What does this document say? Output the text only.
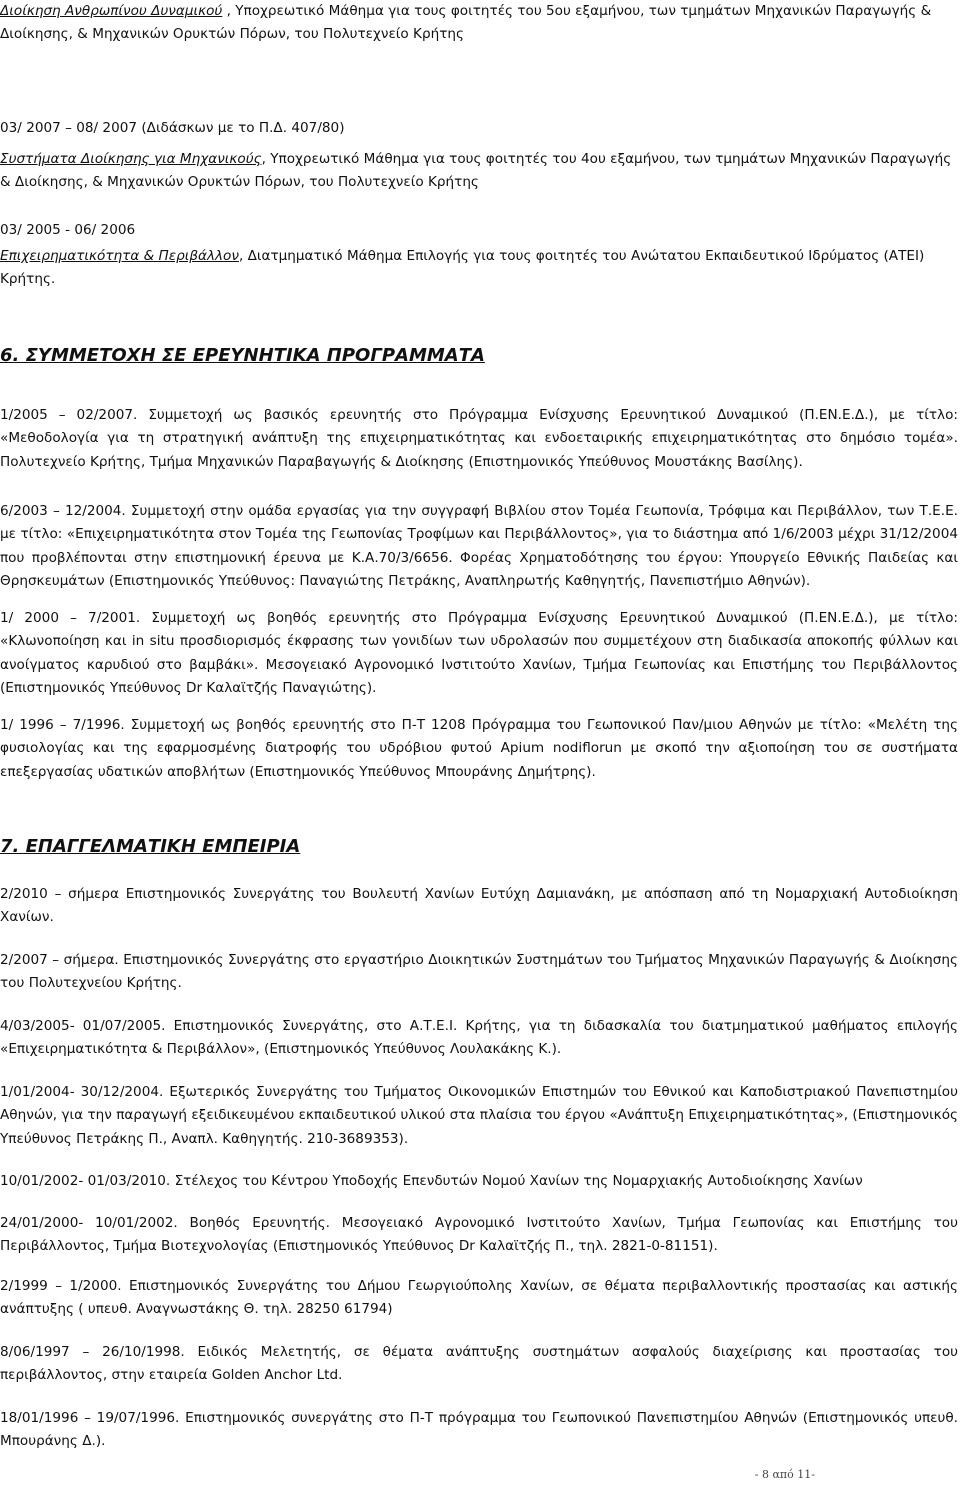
Διοίκηση Ανθρωπίνου Δυναμικού , Υποχρεωτικό Μάθημα για τους φοιτητές του 5ου εξαμήνου, των τμημάτων Μηχανικών Παραγωγής & Διοίκησης, & Μηχανικών Ορυκτών Πόρων, του Πολυτεχνείο Κρήτης
03/ 2007 – 08/ 2007 (Διδάσκων με το Π.Δ. 407/80)
Συστήματα Διοίκησης για Μηχανικούς, Υποχρεωτικό Μάθημα για τους φοιτητές του 4ου εξαμήνου, των τμημάτων Μηχανικών Παραγωγής & Διοίκησης, & Μηχανικών Ορυκτών Πόρων, του Πολυτεχνείο Κρήτης
03/ 2005 - 06/ 2006
Επιχειρηματικότητα & Περιβάλλον, Διατμηματικό Μάθημα Επιλογής για τους φοιτητές του Ανώτατου Εκπαιδευτικού Ιδρύματος (ΑΤΕΙ) Κρήτης.
6. ΣΥΜΜΕΤΟΧΗ ΣΕ ΕΡΕΥΝΗΤΙΚΑ ΠΡΟΓΡΑΜΜΑΤΑ
1/2005 – 02/2007. Συμμετοχή ως βασικός ερευνητής στο Πρόγραμμα Ενίσχυσης Ερευνητικού Δυναμικού (Π.ΕΝ.Ε.Δ.), με τίτλο: «Μεθοδολογία για τη στρατηγική ανάπτυξη της επιχειρηματικότητας και ενδοεταιρικής επιχειρηματικότητας στο δημόσιο τομέα». Πολυτεχνείο Κρήτης, Τμήμα Μηχανικών Παραβαγωγής & Διοίκησης (Επιστημονικός Υπεύθυνος Μουστάκης Βασίλης).
6/2003 – 12/2004. Συμμετοχή στην ομάδα εργασίας για την συγγραφή Βιβλίου στον Τομέα Γεωπονία, Τρόφιμα και Περιβάλλον, των Τ.Ε.Ε. με τίτλο: «Επιχειρηματικότητα στον Τομέα της Γεωπονίας Τροφίμων και Περιβάλλοντος», για το διάστημα από 1/6/2003 μέχρι 31/12/2004 που προβλέπονται στην επιστημονική έρευνα με Κ.Α.70/3/6656. Φορέας Χρηματοδότησης του έργου: Υπουργείο Εθνικής Παιδείας και Θρησκευμάτων (Επιστημονικός Υπεύθυνος: Παναγιώτης Πετράκης, Αναπληρωτής Καθηγητής, Πανεπιστήμιο Αθηνών).
1/ 2000 – 7/2001. Συμμετοχή ως βοηθός ερευνητής στο Πρόγραμμα Ενίσχυσης Ερευνητικού Δυναμικού (Π.ΕΝ.Ε.Δ.), με τίτλο: «Κλωνοποίηση και in situ προσδιορισμός έκφρασης των γονιδίων των υδρολασών που συμμετέχουν στη διαδικασία αποκοπής φύλλων και ανοίγματος καρυδιού στο βαμβάκι». Μεσογειακό Αγρονομικό Ινστιτούτο Χανίων, Τμήμα Γεωπονίας και Επιστήμης του Περιβάλλοντος (Επιστημονικός Υπεύθυνος Dr Καλαϊτζής Παναγιώτης).
1/ 1996 – 7/1996. Συμμετοχή ως βοηθός ερευνητής στο Π-Τ 1208 Πρόγραμμα του Γεωπονικού Παν/μιου Αθηνών με τίτλο: «Μελέτη της φυσιολογίας και της εφαρμοσμένης διατροφής του υδρόβιου φυτού Apium nodiflorun με σκοπό την αξιοποίηση του σε συστήματα επεξεργασίας υδατικών αποβλήτων (Επιστημονικός Υπεύθυνος Μπουράνης Δημήτρης).
7. ΕΠΑΓΓΕΛΜΑΤΙΚΗ ΕΜΠΕΙΡΙΑ
2/2010 – σήμερα Επιστημονικός Συνεργάτης του Βουλευτή Χανίων Ευτύχη Δαμιανάκη, με απόσπαση από τη Νομαρχιακή Αυτοδιοίκηση Χανίων.
2/2007 – σήμερα. Επιστημονικός Συνεργάτης στο εργαστήριο Διοικητικών Συστημάτων του Τμήματος Μηχανικών Παραγωγής & Διοίκησης του Πολυτεχνείου Κρήτης.
4/03/2005- 01/07/2005. Επιστημονικός Συνεργάτης, στο Α.Τ.Ε.Ι. Κρήτης, για τη διδασκαλία του διατμηματικού μαθήματος επιλογής «Επιχειρηματικότητα & Περιβάλλον», (Επιστημονικός Υπεύθυνος Λουλακάκης Κ.).
1/01/2004- 30/12/2004. Εξωτερικός Συνεργάτης του Τμήματος Οικονομικών Επιστημών του Εθνικού και Καποδιστριακού Πανεπιστημίου Αθηνών, για την παραγωγή εξειδικευμένου εκπαιδευτικού υλικού στα πλαίσια του έργου «Ανάπτυξη Επιχειρηματικότητας», (Επιστημονικός Υπεύθυνος Πετράκης Π., Αναπλ. Καθηγητής. 210-3689353).
10/01/2002- 01/03/2010. Στέλεχος του Κέντρου Υποδοχής Επενδυτών Νομού Χανίων της Νομαρχιακής Αυτοδιοίκησης Χανίων
24/01/2000- 10/01/2002. Βοηθός Ερευνητής. Μεσογειακό Αγρονομικό Ινστιτούτο Χανίων, Τμήμα Γεωπονίας και Επιστήμης του Περιβάλλοντος, Τμήμα Βιοτεχνολογίας (Επιστημονικός Υπεύθυνος Dr Καλαϊτζής Π., τηλ. 2821-0-81151).
2/1999 – 1/2000. Επιστημονικός Συνεργάτης του Δήμου Γεωργιούπολης Χανίων, σε θέματα περιβαλλοντικής προστασίας και αστικής ανάπτυξης ( υπευθ. Αναγνωστάκης Θ. τηλ. 28250 61794)
8/06/1997 – 26/10/1998. Ειδικός Μελετητής, σε θέματα ανάπτυξης συστημάτων ασφαλούς διαχείρισης και προστασίας του περιβάλλοντος, στην εταιρεία Golden Anchor Ltd.
18/01/1996 – 19/07/1996. Επιστημονικός συνεργάτης στο Π-Τ πρόγραμμα του Γεωπονικού Πανεπιστημίου Αθηνών (Επιστημονικός υπευθ. Μπουράνης Δ.).
- 8 από 11-
